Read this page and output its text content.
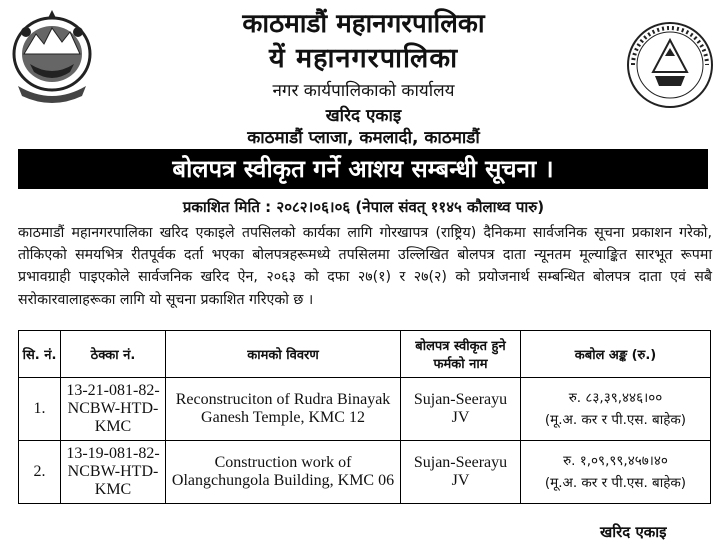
काठमाडौं महानगरपालिका
यें महानगरपालिका
नगर कार्यपालिकाको कार्यालय
खरिद एकाइ
काठमाडौं प्लाजा, कमलादी, काठमाडौं
बोलपत्र स्वीकृत गर्ने आशय सम्बन्धी सूचना ।
प्रकाशित मिति : २०८२।०६।०६ (नेपाल संवत् ११४५ कौलाथ्व पारु)

काठमाडौं महानगरपालिका खरिद एकाइले तपसिलको कार्यका लागि गोरखापत्र (राष्ट्रिय) दैनिकमा सार्वजनिक सूचना प्रकाशन गरेको, तोकिएको समयभित्र रीतपूर्वक दर्ता भएका बोलपत्रहरूमध्ये तपसिलमा उल्लिखित बोलपत्र दाता न्यूनतम मूल्याङ्कित सारभूत रूपमा प्रभावग्राही पाइएकोले सार्वजनिक खरिद ऐन, २०६३ को दफा २७(१) र २७(२) को प्रयोजनार्थ सम्बन्धित बोलपत्र दाता एवं सबै सरोकारवालाहरूका लागि यो सूचना प्रकाशित गरिएको छ ।

सि. नं.	ठेक्का नं.	कामको विवरण	बोलपत्र स्वीकृत हुने फर्मको नाम	कबोल अङ्क (रु.)
1.	13-21-081-82-NCBW-HTD-KMC	Reconstruciton of Rudra Binayak Ganesh Temple, KMC 12	Sujan-Seerayu JV	रु. ८३,३९,४४६।००
(मू.अ. कर र पी.एस. बाहेक)

2.	13-19-081-82-NCBW-HTD-KMC	Construction work of Olangchungola Building, KMC 06	Sujan-Seerayu JV	रु. १,०९,९९,४५७।४०
(मू.अ. कर र पी.एस. बाहेक)
खरिद एकाइ
